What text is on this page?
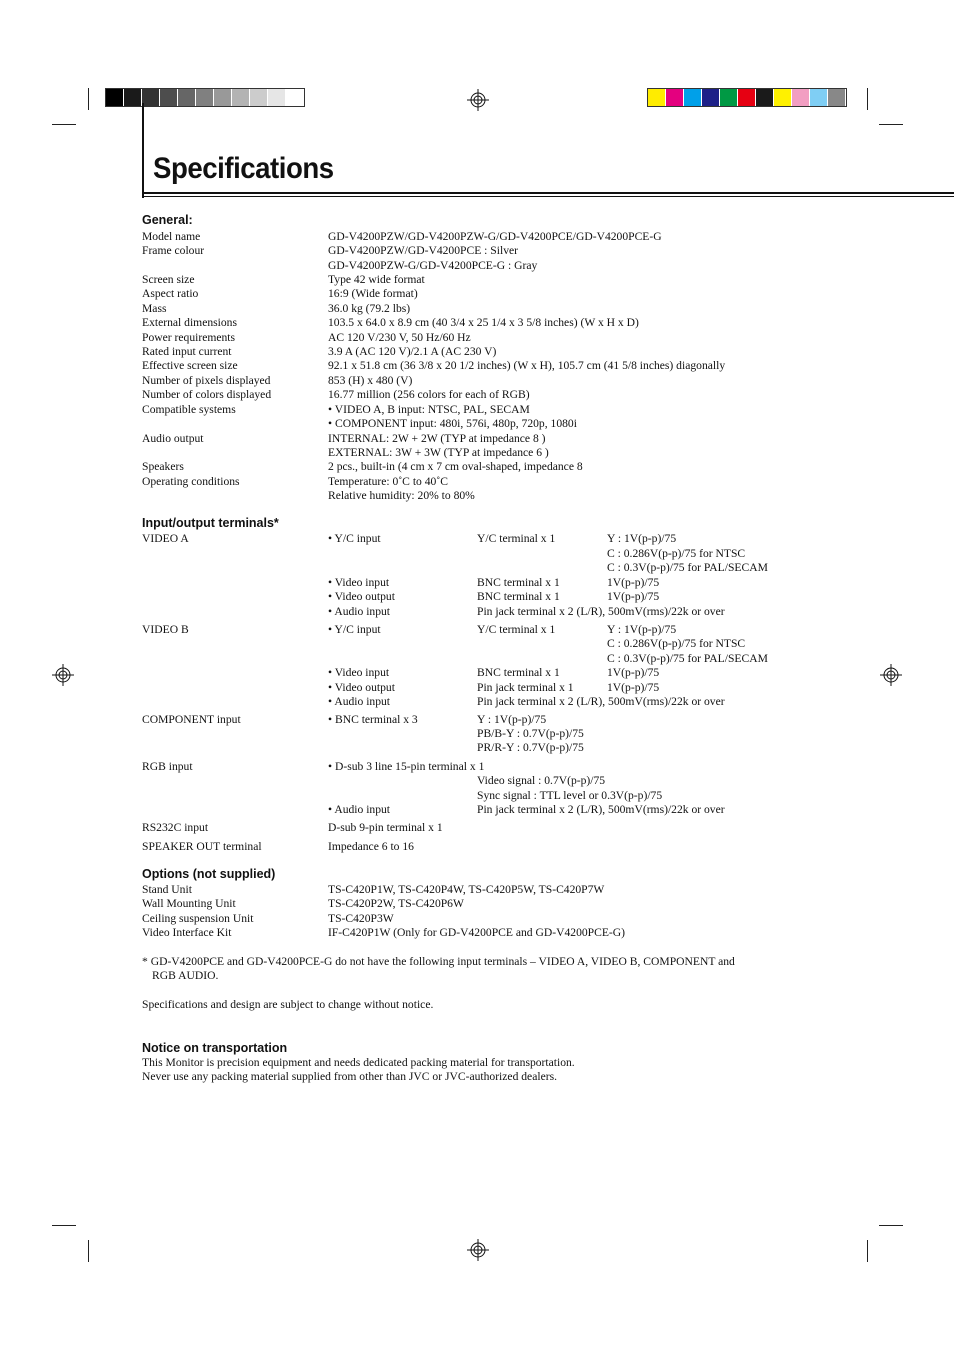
Specifications
General:
Model name	GD-V4200PZW/GD-V4200PZW-G/GD-V4200PCE/GD-V4200PCE-G
Frame colour	GD-V4200PZW/GD-V4200PCE : Silver
GD-V4200PZW-G/GD-V4200PCE-G : Gray
Screen size	Type 42 wide format
Aspect ratio	16:9 (Wide format)
Mass	36.0 kg (79.2 lbs)
External dimensions	103.5 x 64.0 x 8.9 cm (40 3/4 x 25 1/4 x 3 5/8 inches) (W x H x D)
Power requirements	AC 120 V/230 V, 50 Hz/60 Hz
Rated input current	3.9 A (AC 120 V)/2.1 A (AC 230 V)
Effective screen size	92.1 x 51.8 cm (36 3/8 x 20 1/2 inches) (W x H), 105.7 cm (41 5/8 inches) diagonally
Number of pixels displayed	853 (H) x 480 (V)
Number of colors displayed	16.77 million (256 colors for each of RGB)
Compatible systems	• VIDEO A, B input: NTSC, PAL, SECAM
• COMPONENT input: 480i, 576i, 480p, 720p, 1080i
Audio output	INTERNAL: 2W + 2W (TYP at impedance 8 )
EXTERNAL: 3W + 3W (TYP at impedance 6 )
Speakers	2 pcs., built-in (4 cm x 7 cm oval-shaped, impedance 8
Operating conditions	Temperature: 0˚C to 40˚C
Relative humidity: 20% to 80%
Input/output terminals*
VIDEO A	• Y/C input	Y/C terminal x 1	Y : 1V(p-p)/75
C : 0.286V(p-p)/75 for NTSC
C : 0.3V(p-p)/75 for PAL/SECAM
• Video input	BNC terminal x 1	1V(p-p)/75
• Video output	BNC terminal x 1	1V(p-p)/75
• Audio input	Pin jack terminal x 2 (L/R), 500mV(rms)/22k or over
VIDEO B	• Y/C input	Y/C terminal x 1	Y : 1V(p-p)/75
C : 0.286V(p-p)/75 for NTSC
C : 0.3V(p-p)/75 for PAL/SECAM
• Video input	BNC terminal x 1	1V(p-p)/75
• Video output	Pin jack terminal x 1	1V(p-p)/75
• Audio input	Pin jack terminal x 2 (L/R), 500mV(rms)/22k or over
COMPONENT input	• BNC terminal x 3	Y : 1V(p-p)/75
PB/B-Y : 0.7V(p-p)/75
PR/R-Y : 0.7V(p-p)/75
RGB input	• D-sub 3 line 15-pin terminal x 1
Video signal : 0.7V(p-p)/75
Sync signal : TTL level or 0.3V(p-p)/75
• Audio input	Pin jack terminal x 2 (L/R), 500mV(rms)/22k or over
RS232C input	D-sub 9-pin terminal x 1
SPEAKER OUT terminal	Impedance 6 to 16
Options (not supplied)
Stand Unit	TS-C420P1W, TS-C420P4W, TS-C420P5W, TS-C420P7W
Wall Mounting Unit	TS-C420P2W, TS-C420P6W
Ceiling suspension Unit	TS-C420P3W
Video Interface Kit	IF-C420P1W (Only for GD-V4200PCE and GD-V4200PCE-G)
* GD-V4200PCE and GD-V4200PCE-G do not have the following input terminals – VIDEO A, VIDEO B, COMPONENT and
RGB AUDIO.
Specifications and design are subject to change without notice.
Notice on transportation
This Monitor is precision equipment and needs dedicated packing material for transportation.
Never use any packing material supplied from other than JVC or JVC-authorized dealers.
